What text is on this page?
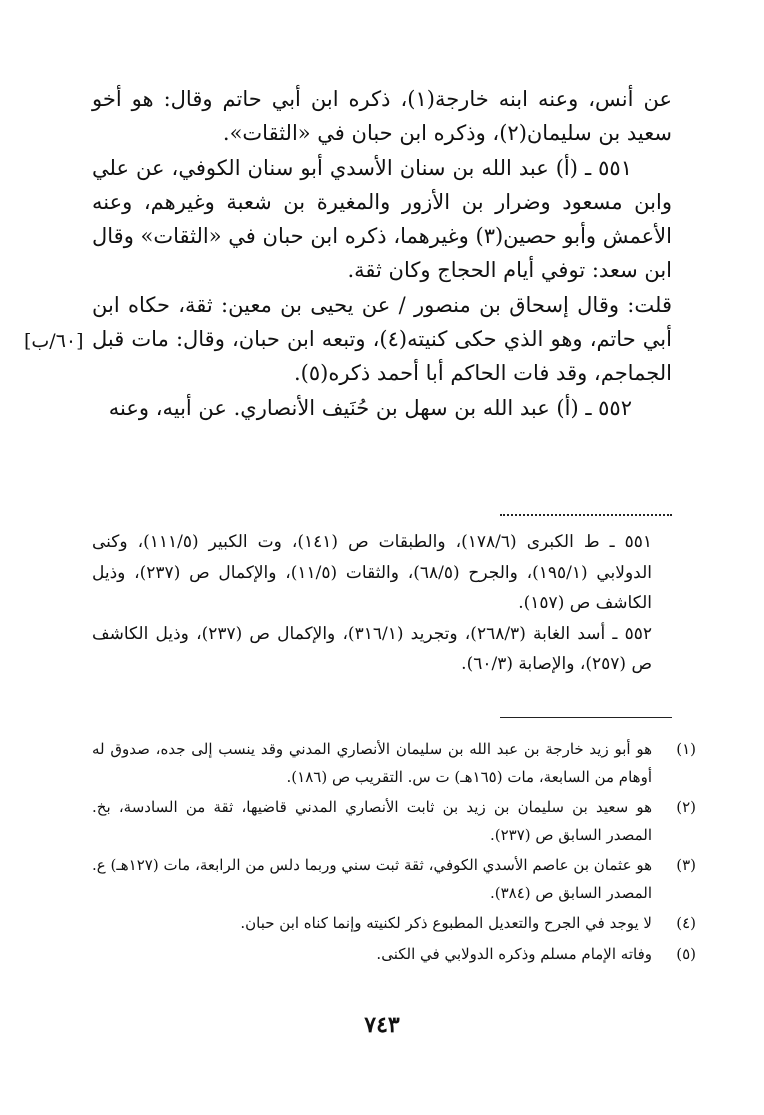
عن أنس، وعنه ابنه خارجة(١)، ذكره ابن أبي حاتم وقال: هو أخو سعيد بن سليمان(٢)، وذكره ابن حبان في «الثقات».

٥٥١ ـ (أ) عبد الله بن سنان الأسدي أبو سنان الكوفي، عن علي وابن مسعود وضرار بن الأزور والمغيرة بن شعبة وغيرهم، وعنه الأعمش وأبو حصين(٣) وغيرهما، ذكره ابن حبان في «الثقات» وقال ابن سعد: توفي أيام الحجاج وكان ثقة.

قلت: وقال إسحاق بن منصور / عن يحيى بن معين: ثقة، حكاه ابن أبي حاتم، وهو الذي حكى كنيته(٤)، وتبعه ابن حبان، وقال: مات قبل الجماجم، وقد فات الحاكم أبا أحمد ذكره(٥).

٥٥٢ ـ (أ) عبد الله بن سهل بن حُنَيف الأنصاري. عن أبيه، وعنه

[٦٠/ب]

٥٥١ ـ ط الكبرى (١٧٨/٦)، والطبقات ص (١٤١)، وت الكبير (١١١/٥)، وكنى الدولابي (١٩٥/١)، والجرح (٦٨/٥)، والثقات (١١/٥)، والإكمال ص (٢٣٧)، وذيل الكاشف ص (١٥٧).

٥٥٢ ـ أسد الغابة (٢٦٨/٣)، وتجريد (٣١٦/١)، والإكمال ص (٢٣٧)، وذيل الكاشف ص (٢٥٧)، والإصابة (٦٠/٣).

(١)
هو أبو زيد خارجة بن عبد الله بن سليمان الأنصاري المدني وقد ينسب إلى جده، صدوق له أوهام من السابعة، مات (١٦٥هـ) ت س. التقريب ص (١٨٦).
(٢)
هو سعيد بن سليمان بن زيد بن ثابت الأنصاري المدني قاضيها، ثقة من السادسة، بخ. المصدر السابق ص (٢٣٧).
(٣)
هو عثمان بن عاصم الأسدي الكوفي، ثقة ثبت سني وربما دلس من الرابعة، مات (١٢٧هـ) ع. المصدر السابق ص (٣٨٤).
(٤)
لا يوجد في الجرح والتعديل المطبوع ذكر لكنيته وإنما كناه ابن حبان.
(٥)
وفاته الإمام مسلم وذكره الدولابي في الكنى.
٧٤٣
